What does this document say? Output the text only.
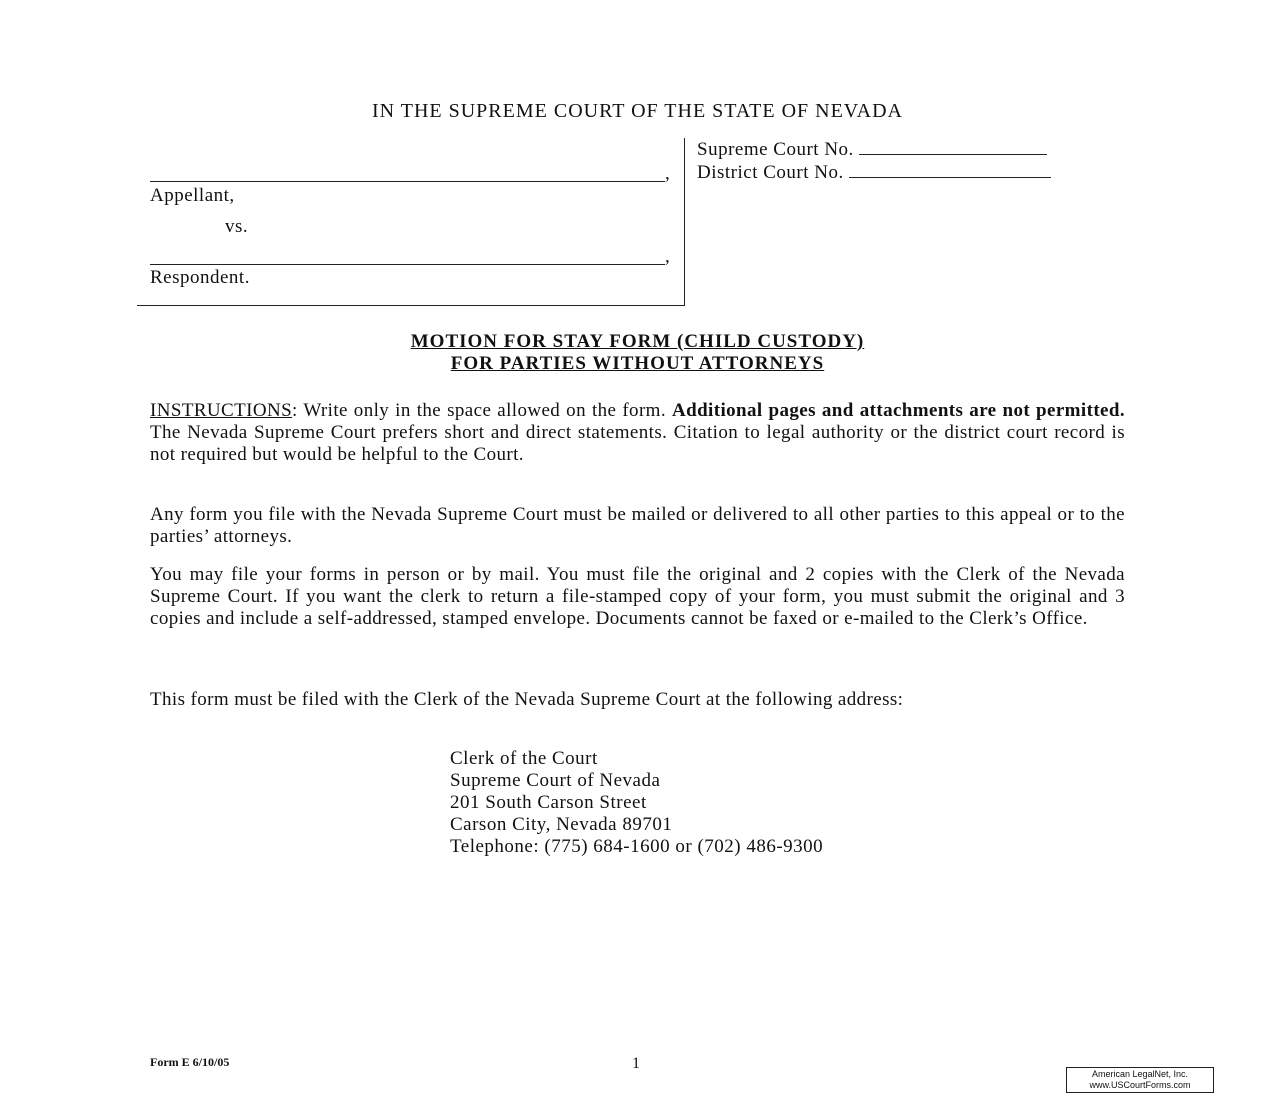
IN THE SUPREME COURT OF THE STATE OF NEVADA
,
Appellant,
vs.
,
Respondent.
Supreme Court No.
District Court No.
MOTION FOR STAY FORM (CHILD CUSTODY)
FOR PARTIES WITHOUT ATTORNEYS
INSTRUCTIONS: Write only in the space allowed on the form. Additional pages and attachments are not permitted. The Nevada Supreme Court prefers short and direct statements. Citation to legal authority or the district court record is not required but would be helpful to the Court.
Any form you file with the Nevada Supreme Court must be mailed or delivered to all other parties to this appeal or to the parties’ attorneys.
You may file your forms in person or by mail. You must file the original and 2 copies with the Clerk of the Nevada Supreme Court. If you want the clerk to return a file-stamped copy of your form, you must submit the original and 3 copies and include a self-addressed, stamped envelope. Documents cannot be faxed or e-mailed to the Clerk’s Office.
This form must be filed with the Clerk of the Nevada Supreme Court at the following address:
Clerk of the Court
Supreme Court of Nevada
201 South Carson Street
Carson City, Nevada 89701
Telephone: (775) 684-1600 or (702) 486-9300
Form E 6/10/05	1
American LegalNet, Inc.
www.USCourtForms.com
